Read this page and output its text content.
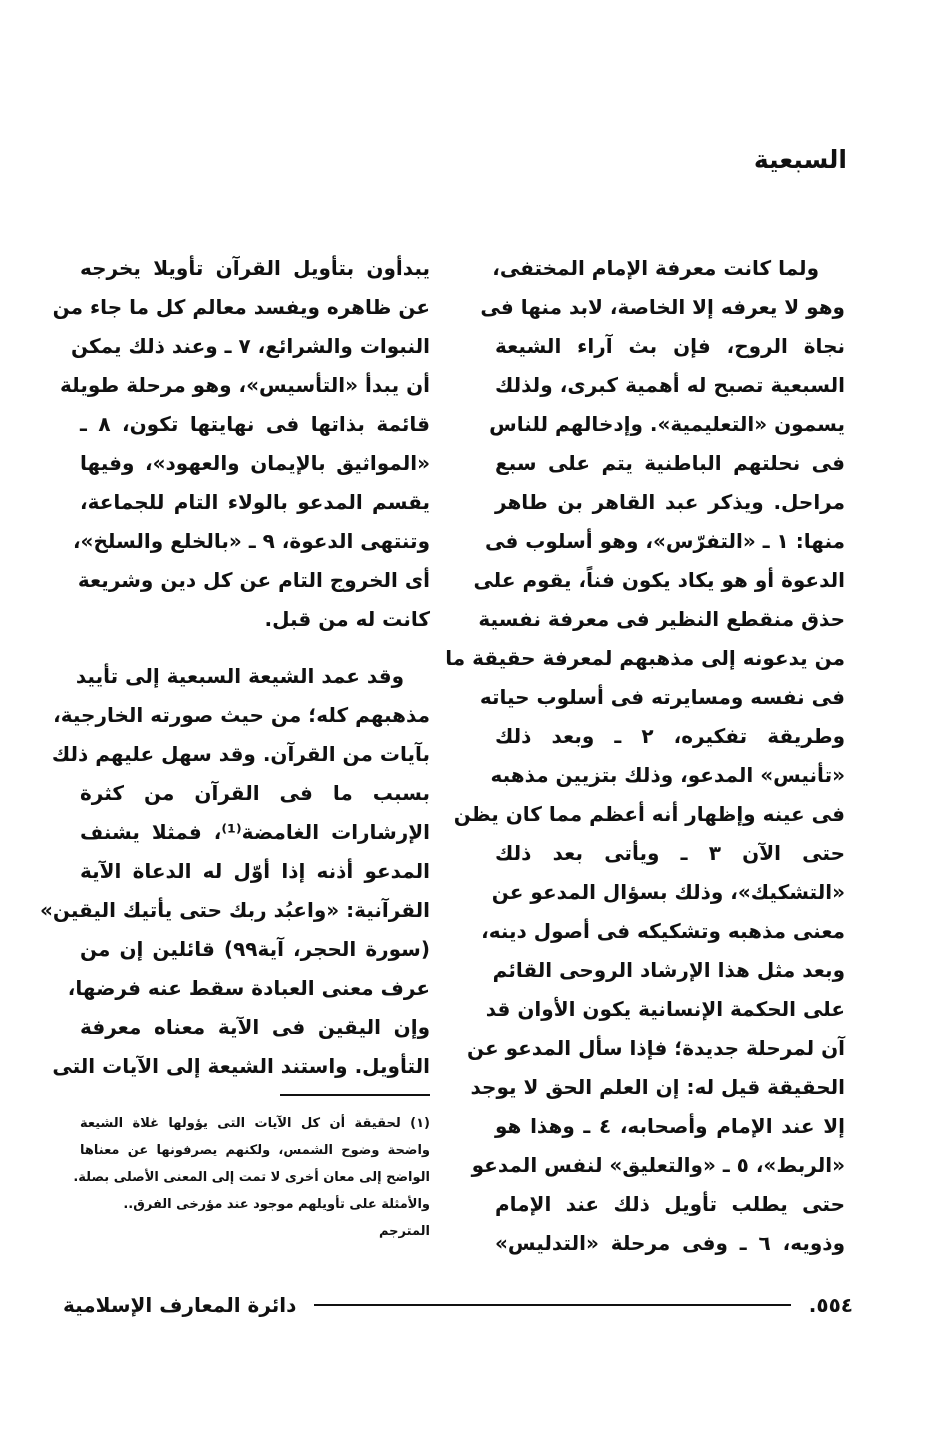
السبعية

ولما كانت معرفة الإمام المختفى،
وهو لا يعرفه إلا الخاصة، لابد منها فى
نجاة الروح، فإن بث آراء الشيعة
السبعية تصبح له أهمية كبرى، ولذلك
يسمون «التعليمية». وإدخالهم للناس
فى نحلتهم الباطنية يتم على سبع
مراحل. ويذكر عبد القاهر بن طاهر
منها: ١ ـ «التفرّس»، وهو أسلوب فى
الدعوة أو هو يكاد يكون فناً، يقوم على
حذق منقطع النظير فى معرفة نفسية
من يدعونه إلى مذهبهم لمعرفة حقيقة ما
فى نفسه ومسايرته فى أسلوب حياته
وطريقة تفكيره، ٢ ـ وبعد ذلك
«تأنيس» المدعو، وذلك بتزيين مذهبه
فى عينه وإظهار أنه أعظم مما كان يظن
حتى الآن ٣ ـ ويأتى بعد ذلك
«التشكيك»، وذلك بسؤال المدعو عن
معنى مذهبه وتشكيكه فى أصول دينه،
وبعد مثل هذا الإرشاد الروحى القائم
على الحكمة الإنسانية يكون الأوان قد
آن لمرحلة جديدة؛ فإذا سأل المدعو عن
الحقيقة قيل له: إن العلم الحق لا يوجد
إلا عند الإمام وأصحابه، ٤ ـ وهذا هو
«الربط»، ٥ ـ «والتعليق» لنفس المدعو
حتى يطلب تأويل ذلك عند الإمام
وذويه، ٦ ـ وفى مرحلة «التدليس»

يبدأون بتأويل القرآن تأويلا يخرجه
عن ظاهره ويفسد معالم كل ما جاء من
النبوات والشرائع، ٧ ـ وعند ذلك يمكن
أن يبدأ «التأسيس»، وهو مرحلة طويلة
قائمة بذاتها فى نهايتها تكون، ٨ ـ
«المواثيق بالإيمان والعهود»، وفيها
يقسم المدعو بالولاء التام للجماعة،
وتنتهى الدعوة، ٩ ـ «بالخلع والسلخ»،
أى الخروج التام عن كل دين وشريعة
كانت له من قبل.

وقد عمد الشيعة السبعية إلى تأييد
مذهبهم كله؛ من حيث صورته الخارجية،
بآيات من القرآن. وقد سهل عليهم ذلك
بسبب ما فى القرآن من كثرة
الإرشارات الغامضة⁽¹⁾، فمثلا يشنف
المدعو أذنه إذا أوّل له الدعاة الآية
القرآنية: «واعبُد ربك حتى يأتيك اليقين»
(سورة الحجر، آية٩٩) قائلين إن من
عرف معنى العبادة سقط عنه فرضها،
وإن اليقين فى الآية معناه معرفة
التأويل. واستند الشيعة إلى الآيات التى

(١) لحقيقة أن كل الآيات التى يؤولها غلاة الشيعة
واضحة وضوح الشمس، ولكنهم يصرفونها عن معناها
الواضح إلى معان أخرى لا تمت إلى المعنى الأصلى بصلة.
والأمثلة على تأويلهم موجود عند مؤرخى الفرق..
المترجم
دائرة المعارف الإسلامية	٥٥٤.
